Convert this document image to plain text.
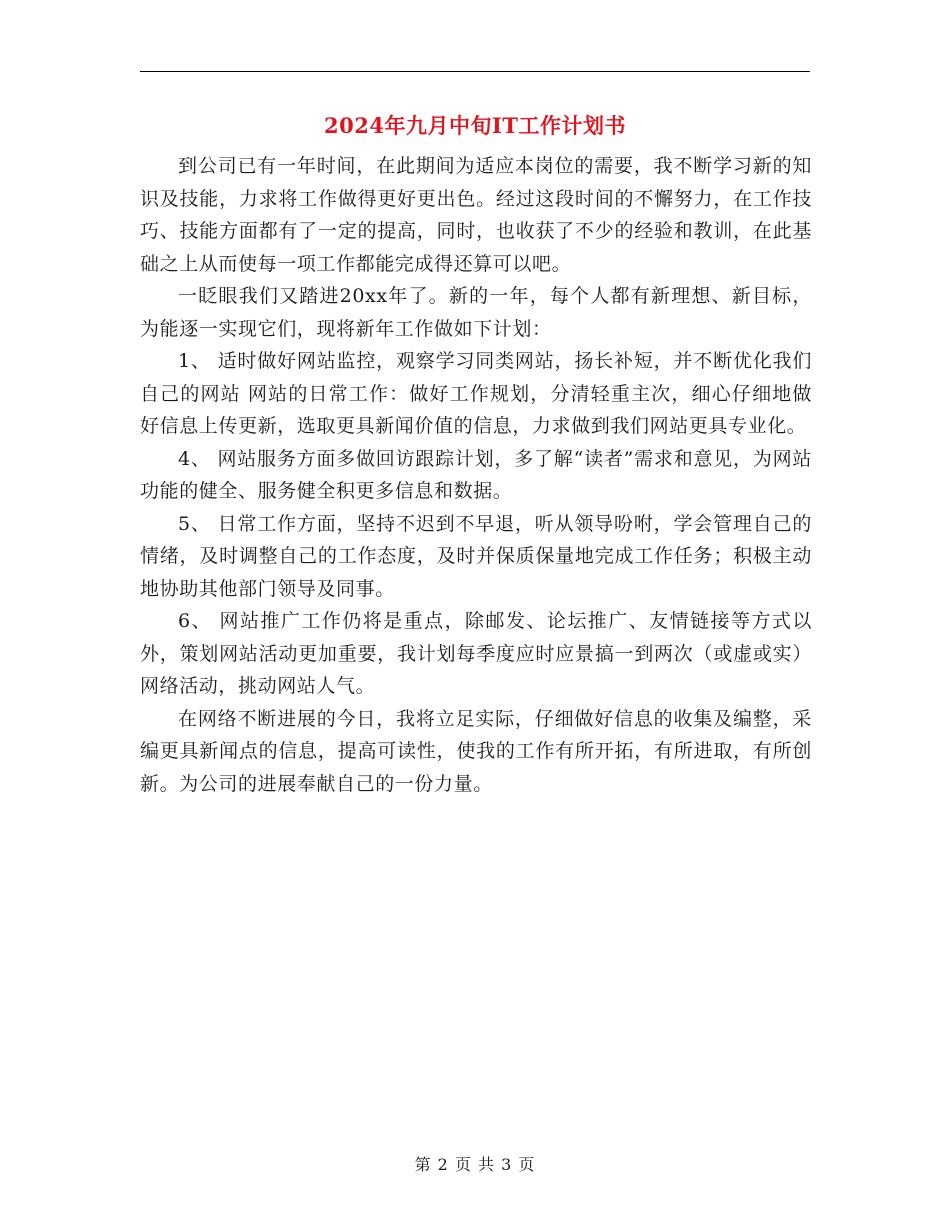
2024年九月中旬IT工作计划书

到公司已有一年时间，在此期间为适应本岗位的需要，我不断学习新的知识及技能，力求将工作做得更好更出色。经过这段时间的不懈努力，在工作技巧、技能方面都有了一定的提高，同时，也收获了不少的经验和教训，在此基础之上从而使每一项工作都能完成得还算可以吧。

一眨眼我们又踏进20xx年了。新的一年，每个人都有新理想、新目标，为能逐一实现它们，现将新年工作做如下计划：

1、 适时做好网站监控，观察学习同类网站，扬长补短，并不断优化我们自己的网站 网站的日常工作：做好工作规划，分清轻重主次，细心仔细地做好信息上传更新，选取更具新闻价值的信息，力求做到我们网站更具专业化。

4、 网站服务方面多做回访跟踪计划，多了解“读者”需求和意见，为网站功能的健全、服务健全积更多信息和数据。

5、 日常工作方面，坚持不迟到不早退，听从领导吩咐，学会管理自己的情绪，及时调整自己的工作态度，及时并保质保量地完成工作任务；积极主动地协助其他部门领导及同事。

6、 网站推广工作仍将是重点，除邮发、论坛推广、友情链接等方式以外，策划网站活动更加重要，我计划每季度应时应景搞一到两次（或虚或实）网络活动，挑动网站人气。

在网络不断进展的今日，我将立足实际，仔细做好信息的收集及编整，采编更具新闻点的信息，提高可读性，使我的工作有所开拓，有所进取，有所创新。为公司的进展奉献自己的一份力量。

第 2 页 共 3 页
